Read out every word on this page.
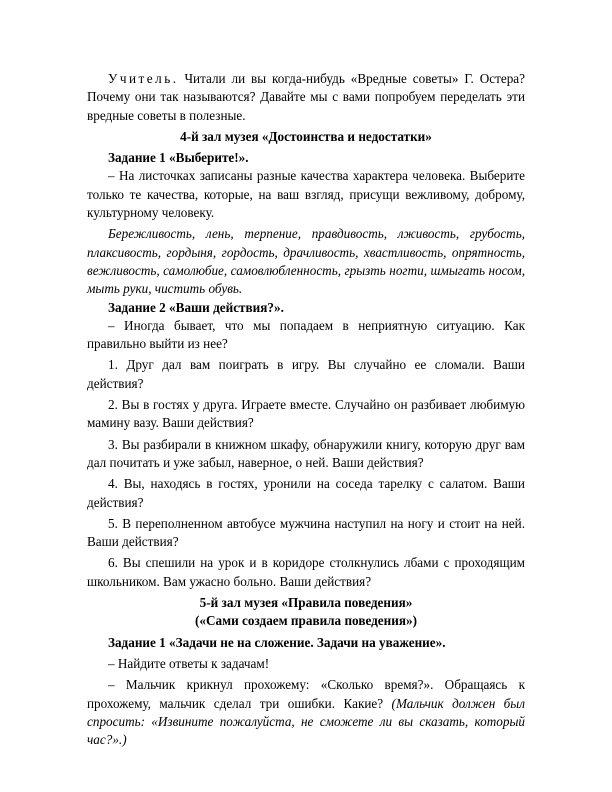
Учитель. Читали ли вы когда-нибудь «Вредные советы» Г. Остера? Почему они так называются? Давайте мы с вами попробуем переделать эти вредные советы в полезные.

4-й зал музея «Достоинства и недостатки»

Задание 1 «Выберите!».

– На листочках записаны разные качества характера человека. Выберите только те качества, которые, на ваш взгляд, присущи вежливому, доброму, культурному человеку.

Бережливость, лень, терпение, правдивость, лживость, грубость, плаксивость, гордыня, гордость, драчливость, хвастливость, опрятность, вежливость, самолюбие, самовлюбленность, грызть ногти, шмыгать носом, мыть руки, чистить обувь.

Задание 2 «Ваши действия?».

– Иногда бывает, что мы попадаем в неприятную ситуацию. Как правильно выйти из нее?

1. Друг дал вам поиграть в игру. Вы случайно ее сломали. Ваши действия?

2. Вы в гостях у друга. Играете вместе. Случайно он разбивает любимую мамину вазу. Ваши действия?

3. Вы разбирали в книжном шкафу, обнаружили книгу, которую друг вам дал почитать и уже забыл, наверное, о ней. Ваши действия?

4. Вы, находясь в гостях, уронили на соседа тарелку с салатом. Ваши действия?

5. В переполненном автобусе мужчина наступил на ногу и стоит на ней. Ваши действия?

6. Вы спешили на урок и в коридоре столкнулись лбами с проходящим школьником. Вам ужасно больно. Ваши действия?

5-й зал музея «Правила поведения»

(«Сами создаем правила поведения»)

Задание 1 «Задачи не на сложение. Задачи на уважение».

– Найдите ответы к задачам!

– Мальчик крикнул прохожему: «Сколько время?». Обращаясь к прохожему, мальчик сделал три ошибки. Какие? (Мальчик должен был спросить: «Извините пожалуйста, не сможете ли вы сказать, который час?».)
